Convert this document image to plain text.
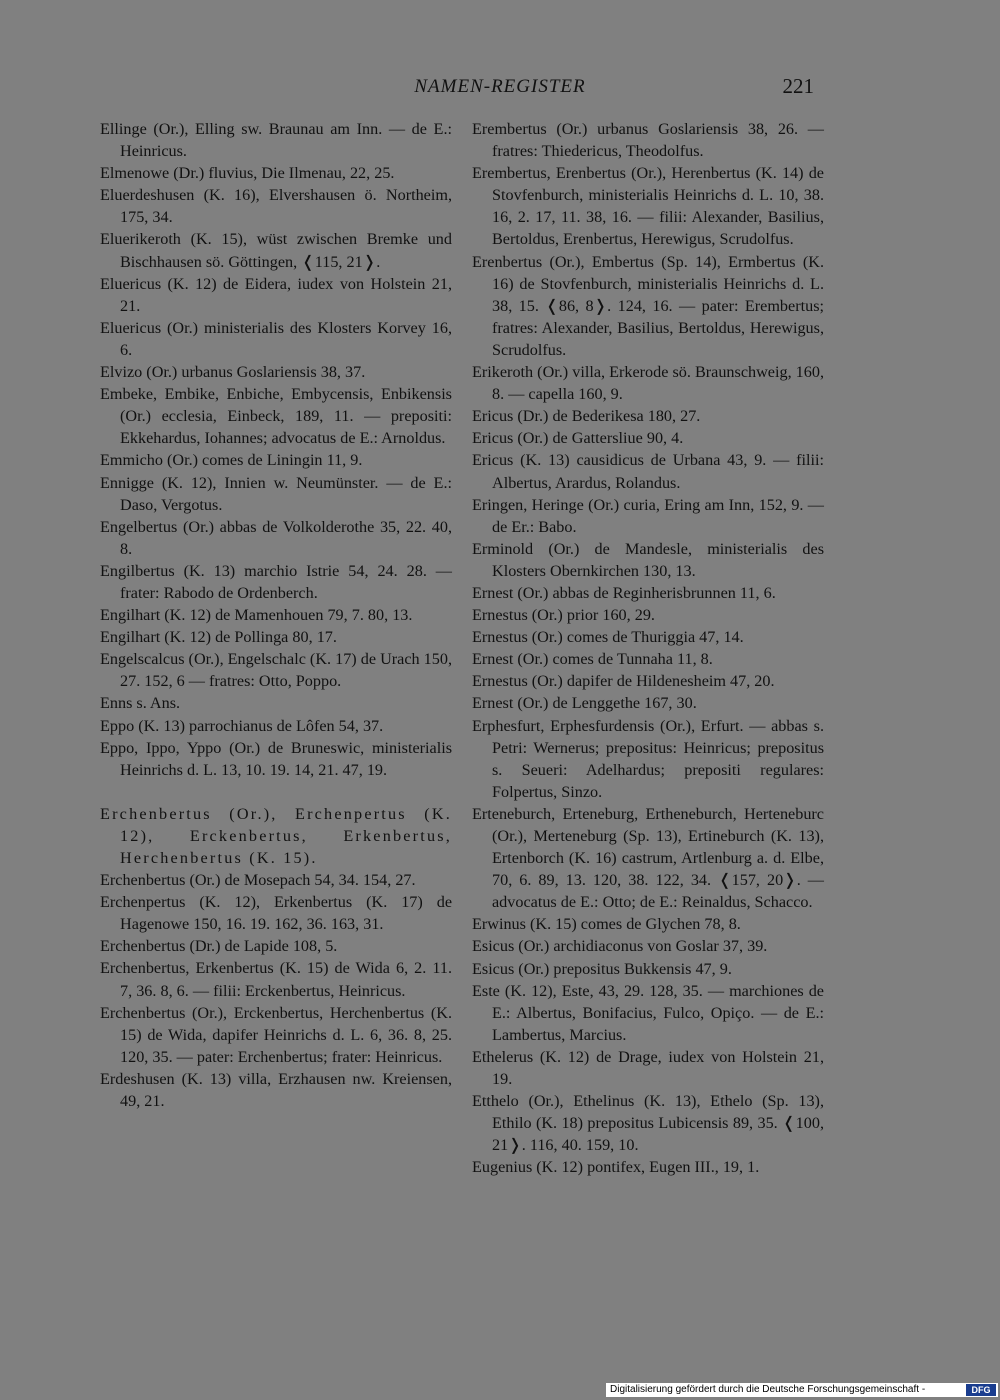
NAMEN-REGISTER	221

Ellinge (Or.), Elling sw. Braunau am Inn. — de E.: Heinricus.

Elmenowe (Dr.) fluvius, Die Ilmenau, 22, 25.

Eluerdeshusen (K. 16), Elvershausen ö. Northeim, 175, 34.

Eluerikeroth (K. 15), wüst zwischen Bremke und Bischhausen sö. Göttingen, ❬115, 21❭.

Eluericus (K. 12) de Eidera, iudex von Holstein 21, 21.

Eluericus (Or.) ministerialis des Klosters Korvey 16, 6.

Elvizo (Or.) urbanus Goslariensis 38, 37.

Embeke, Embike, Enbiche, Embycensis, Enbikensis (Or.) ecclesia, Einbeck, 189, 11. — prepositi: Ekkehardus, Iohannes; advocatus de E.: Arnoldus.

Emmicho (Or.) comes de Liningin 11, 9.

Ennigge (K. 12), Innien w. Neumünster. — de E.: Daso, Vergotus.

Engelbertus (Or.) abbas de Volkolderothe 35, 22. 40, 8.

Engilbertus (K. 13) marchio Istrie 54, 24. 28. — frater: Rabodo de Ordenberch.

Engilhart (K. 12) de Mamenhouen 79, 7. 80, 13.

Engilhart (K. 12) de Pollinga 80, 17.

Engelscalcus (Or.), Engelschalc (K. 17) de Urach 150, 27. 152, 6 — fratres: Otto, Poppo.

Enns s. Ans.

Eppo (K. 13) parrochianus de Lôfen 54, 37.

Eppo, Ippo, Yppo (Or.) de Bruneswic, ministerialis Heinrichs d. L. 13, 10. 19. 14, 21. 47, 19.

Erchenbertus (Or.), Erchenpertus (K. 12), Erckenbertus, Erkenbertus, Herchenbertus (K. 15).

Erchenbertus (Or.) de Mosepach 54, 34. 154, 27.

Erchenpertus (K. 12), Erkenbertus (K. 17) de Hagenowe 150, 16. 19. 162, 36. 163, 31.

Erchenbertus (Dr.) de Lapide 108, 5.

Erchenbertus, Erkenbertus (K. 15) de Wida 6, 2. 11. 7, 36. 8, 6. — filii: Erckenbertus, Heinricus.

Erchenbertus (Or.), Erckenbertus, Herchenbertus (K. 15) de Wida, dapifer Heinrichs d. L. 6, 36. 8, 25. 120, 35. — pater: Erchenbertus; frater: Heinricus.

Erdeshusen (K. 13) villa, Erzhausen nw. Kreiensen, 49, 21.

Erembertus (Or.) urbanus Goslariensis 38, 26. — fratres: Thiedericus, Theodolfus.

Erembertus, Erenbertus (Or.), Herenbertus (K. 14) de Stovfenburch, ministerialis Heinrichs d. L. 10, 38. 16, 2. 17, 11. 38, 16. — filii: Alexander, Basilius, Bertoldus, Erenbertus, Herewigus, Scrudolfus.

Erenbertus (Or.), Embertus (Sp. 14), Ermbertus (K. 16) de Stovfenburch, ministerialis Heinrichs d. L. 38, 15. ❬86, 8❭. 124, 16. — pater: Erembertus; fratres: Alexander, Basilius, Bertoldus, Herewigus, Scrudolfus.

Erikeroth (Or.) villa, Erkerode sö. Braunschweig, 160, 8. — capella 160, 9.

Ericus (Dr.) de Bederikesa 180, 27.

Ericus (Or.) de Gattersliue 90, 4.

Ericus (K. 13) causidicus de Urbana 43, 9. — filii: Albertus, Arardus, Rolandus.

Eringen, Heringe (Or.) curia, Ering am Inn, 152, 9. — de Er.: Babo.

Erminold (Or.) de Mandesle, ministerialis des Klosters Obernkirchen 130, 13.

Ernest (Or.) abbas de Reginherisbrunnen 11, 6.

Ernestus (Or.) prior 160, 29.

Ernestus (Or.) comes de Thuriggia 47, 14.

Ernest (Or.) comes de Tunnaha 11, 8.

Ernestus (Or.) dapifer de Hildenesheim 47, 20.

Ernest (Or.) de Lenggethe 167, 30.

Erphesfurt, Erphesfurdensis (Or.), Erfurt. — abbas s. Petri: Wernerus; prepositus: Heinricus; prepositus s. Seueri: Adelhardus; prepositi regulares: Folpertus, Sinzo.

Erteneburch, Erteneburg, Ertheneburch, Herteneburc (Or.), Merteneburg (Sp. 13), Ertineburch (K. 13), Ertenborch (K. 16) castrum, Artlenburg a. d. Elbe, 70, 6. 89, 13. 120, 38. 122, 34. ❬157, 20❭. — advocatus de E.: Otto; de E.: Reinaldus, Schacco.

Erwinus (K. 15) comes de Glychen 78, 8.

Esicus (Or.) archidiaconus von Goslar 37, 39.

Esicus (Or.) prepositus Bukkensis 47, 9.

Este (K. 12), Este, 43, 29. 128, 35. — marchiones de E.: Albertus, Bonifacius, Fulco, Opiço. — de E.: Lambertus, Marcius.

Ethelerus (K. 12) de Drage, iudex von Holstein 21, 19.

Etthelo (Or.), Ethelinus (K. 13), Ethelo (Sp. 13), Ethilo (K. 18) prepositus Lubicensis 89, 35. ❬100, 21❭. 116, 40. 159, 10.

Eugenius (K. 12) pontifex, Eugen III., 19, 1.

Digitalisierung gefördert durch die Deutsche Forschungsgemeinschaft -	DFG
